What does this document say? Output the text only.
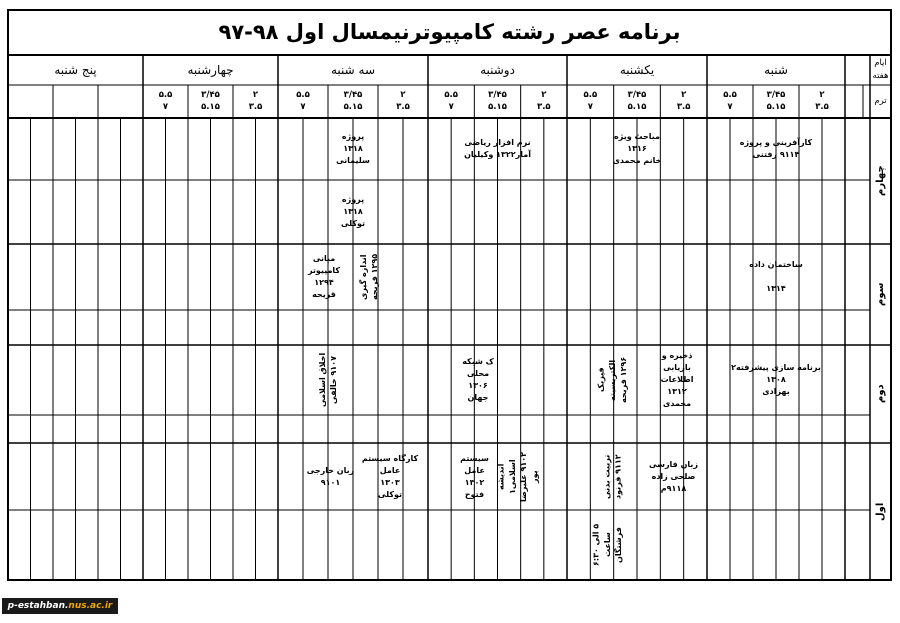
برنامه عصر رشته کامپیوترنیمسال اول ۹۸-۹۷
ایام هفته
ترم
شنبه
۲
۳.۵
۳/۴۵
۵.۱۵
۵.۵
۷
یکشنبه
۲
۳.۵
۳/۴۵
۵.۱۵
۵.۵
۷
دوشنبه
۲
۳.۵
۳/۴۵
۵.۱۵
۵.۵
۷
سه شنبه
۲
۳.۵
۳/۴۵
۵.۱۵
۵.۵
۷
چهارشنبه
۲
۳.۵
۳/۴۵
۵.۱۵
۵.۵
۷
پنج شنبه
چهارم
سوم
دوم
اول
کارآفرینی و پروژه
۹۱۱۴ رفتنی
مباحث ویژه
۱۳۱۶
خانم محمدی
نرم افزار ریاضی
آمار۱۳۲۲ وکیلیان
پروژه
۱۳۱۸
سلیمانی
پروژه
۱۳۱۸
توکلی
ساختمان داده

۱۳۱۴
مبانی
کامپیوتر
۱۲۹۴
قریحه
اندازه گیری
۱۲۹۵ قریحه
برنامه سازی پیشرفته۲
۱۳۰۸
بهزادی
ذخیره و
بازیابی
اطلاعات
۱۳۱۲
محمدی
فیزیک الکتریسیته
۱۲۹۶ قریحه
ک شبکه
محلی
۱۳۰۶
جهان
اخلاق اسلامی
۹۱۰۷ خالقی
زبان فارسی
صلحی زاده
۹۱۱۸م
تربیت بدنی
۹۱۱۲ فرنود
اندیشه اسلامی۱
۹۱۰۲ علیرضا پور
سیستم
عامل
۱۳۰۲
فتوح
کارگاه سیستم
عامل
۱۳۰۳
توکلی
زبان خارجی
۹۱۰۱
۵ الی ۶:۳۰ ساعت
فرشتگان
p-estahban. nus.ac.ir
